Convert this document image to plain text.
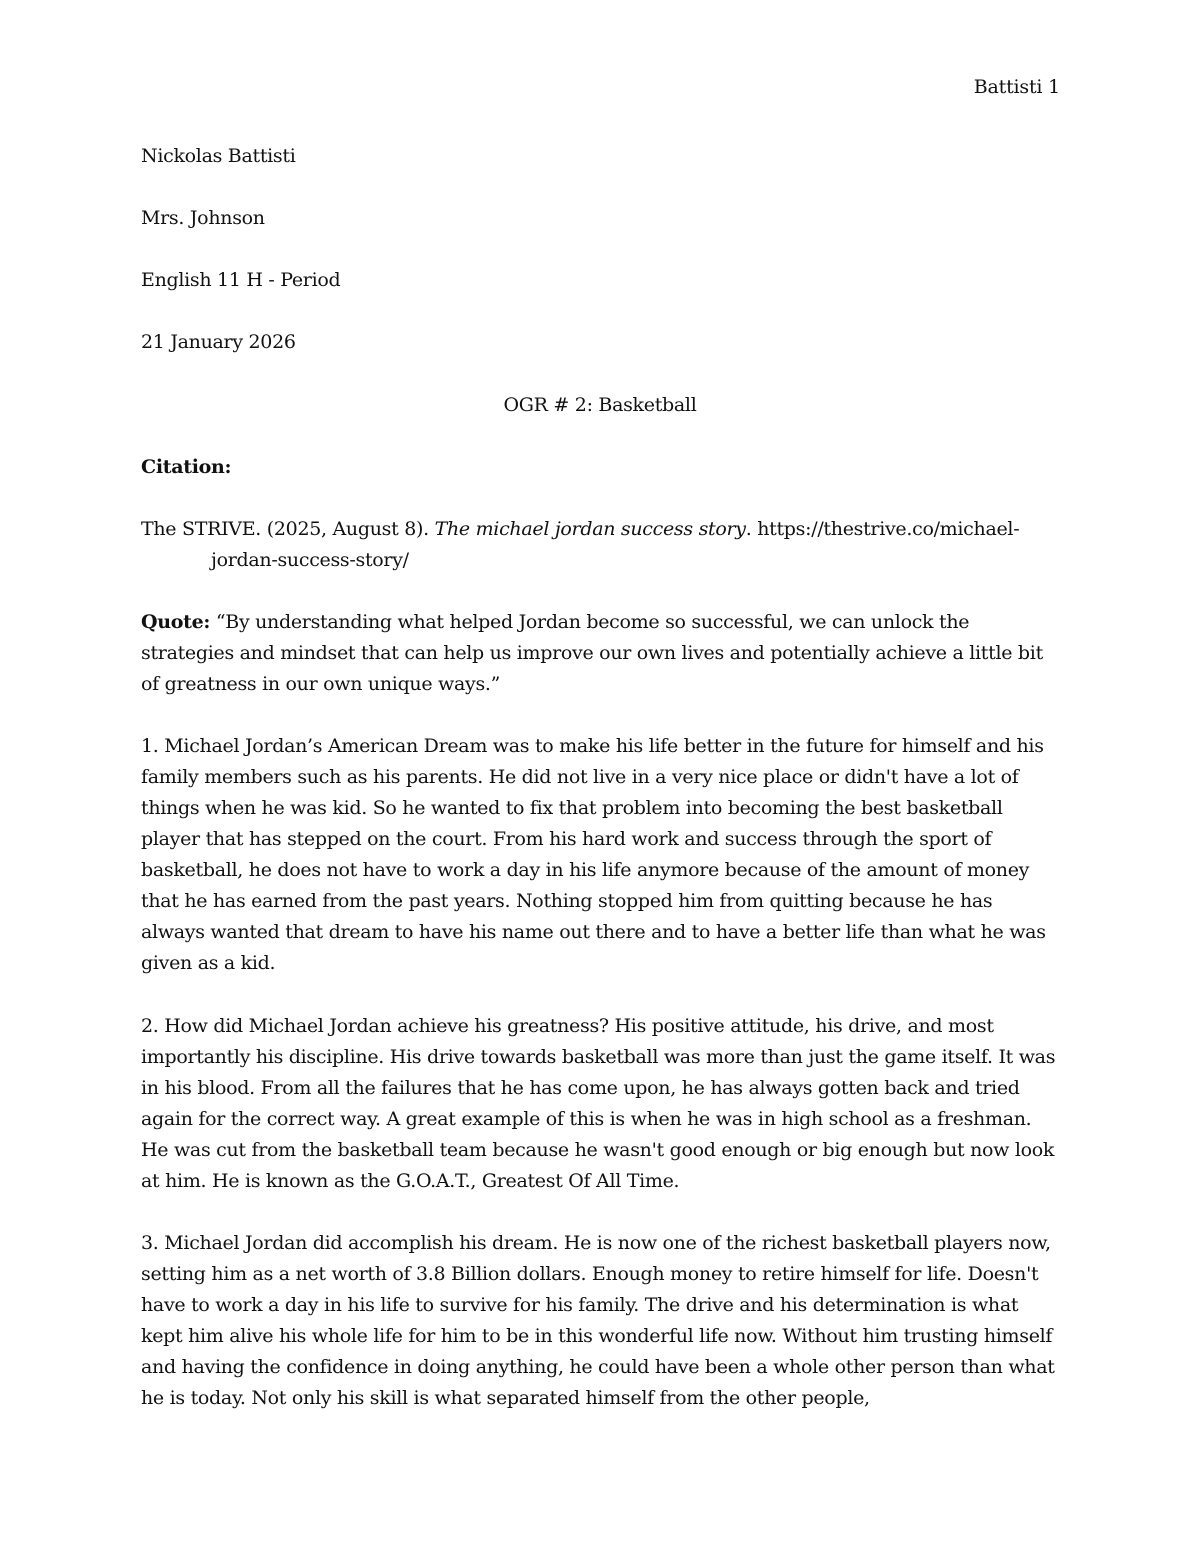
Battisti 1
Nickolas Battisti
Mrs. Johnson
English 11 H - Period
21 January 2026
OGR # 2: Basketball
Citation:
The STRIVE. (2025, August 8). The michael jordan success story. https://thestrive.co/michael-jordan-success-story/
Quote: “By understanding what helped Jordan become so successful, we can unlock the strategies and mindset that can help us improve our own lives and potentially achieve a little bit of greatness in our own unique ways.”
1. Michael Jordan’s American Dream was to make his life better in the future for himself and his family members such as his parents. He did not live in a very nice place or didn't have a lot of things when he was kid. So he wanted to fix that problem into becoming the best basketball player that has stepped on the court. From his hard work and success through the sport of basketball, he does not have to work a day in his life anymore because of the amount of money that he has earned from the past years. Nothing stopped him from quitting because he has always wanted that dream to have his name out there and to have a better life than what he was given as a kid.
2. How did Michael Jordan achieve his greatness? His positive attitude, his drive, and most importantly his discipline. His drive towards basketball was more than just the game itself. It was in his blood. From all the failures that he has come upon, he has always gotten back and tried again for the correct way. A great example of this is when he was in high school as a freshman. He was cut from the basketball team because he wasn't good enough or big enough but now look at him. He is known as the G.O.A.T., Greatest Of All Time.
3. Michael Jordan did accomplish his dream. He is now one of the richest basketball players now, setting him as a net worth of 3.8 Billion dollars. Enough money to retire himself for life. Doesn't have to work a day in his life to survive for his family. The drive and his determination is what kept him alive his whole life for him to be in this wonderful life now. Without him trusting himself and having the confidence in doing anything, he could have been a whole other person than what he is today. Not only his skill is what separated himself from the other people,
